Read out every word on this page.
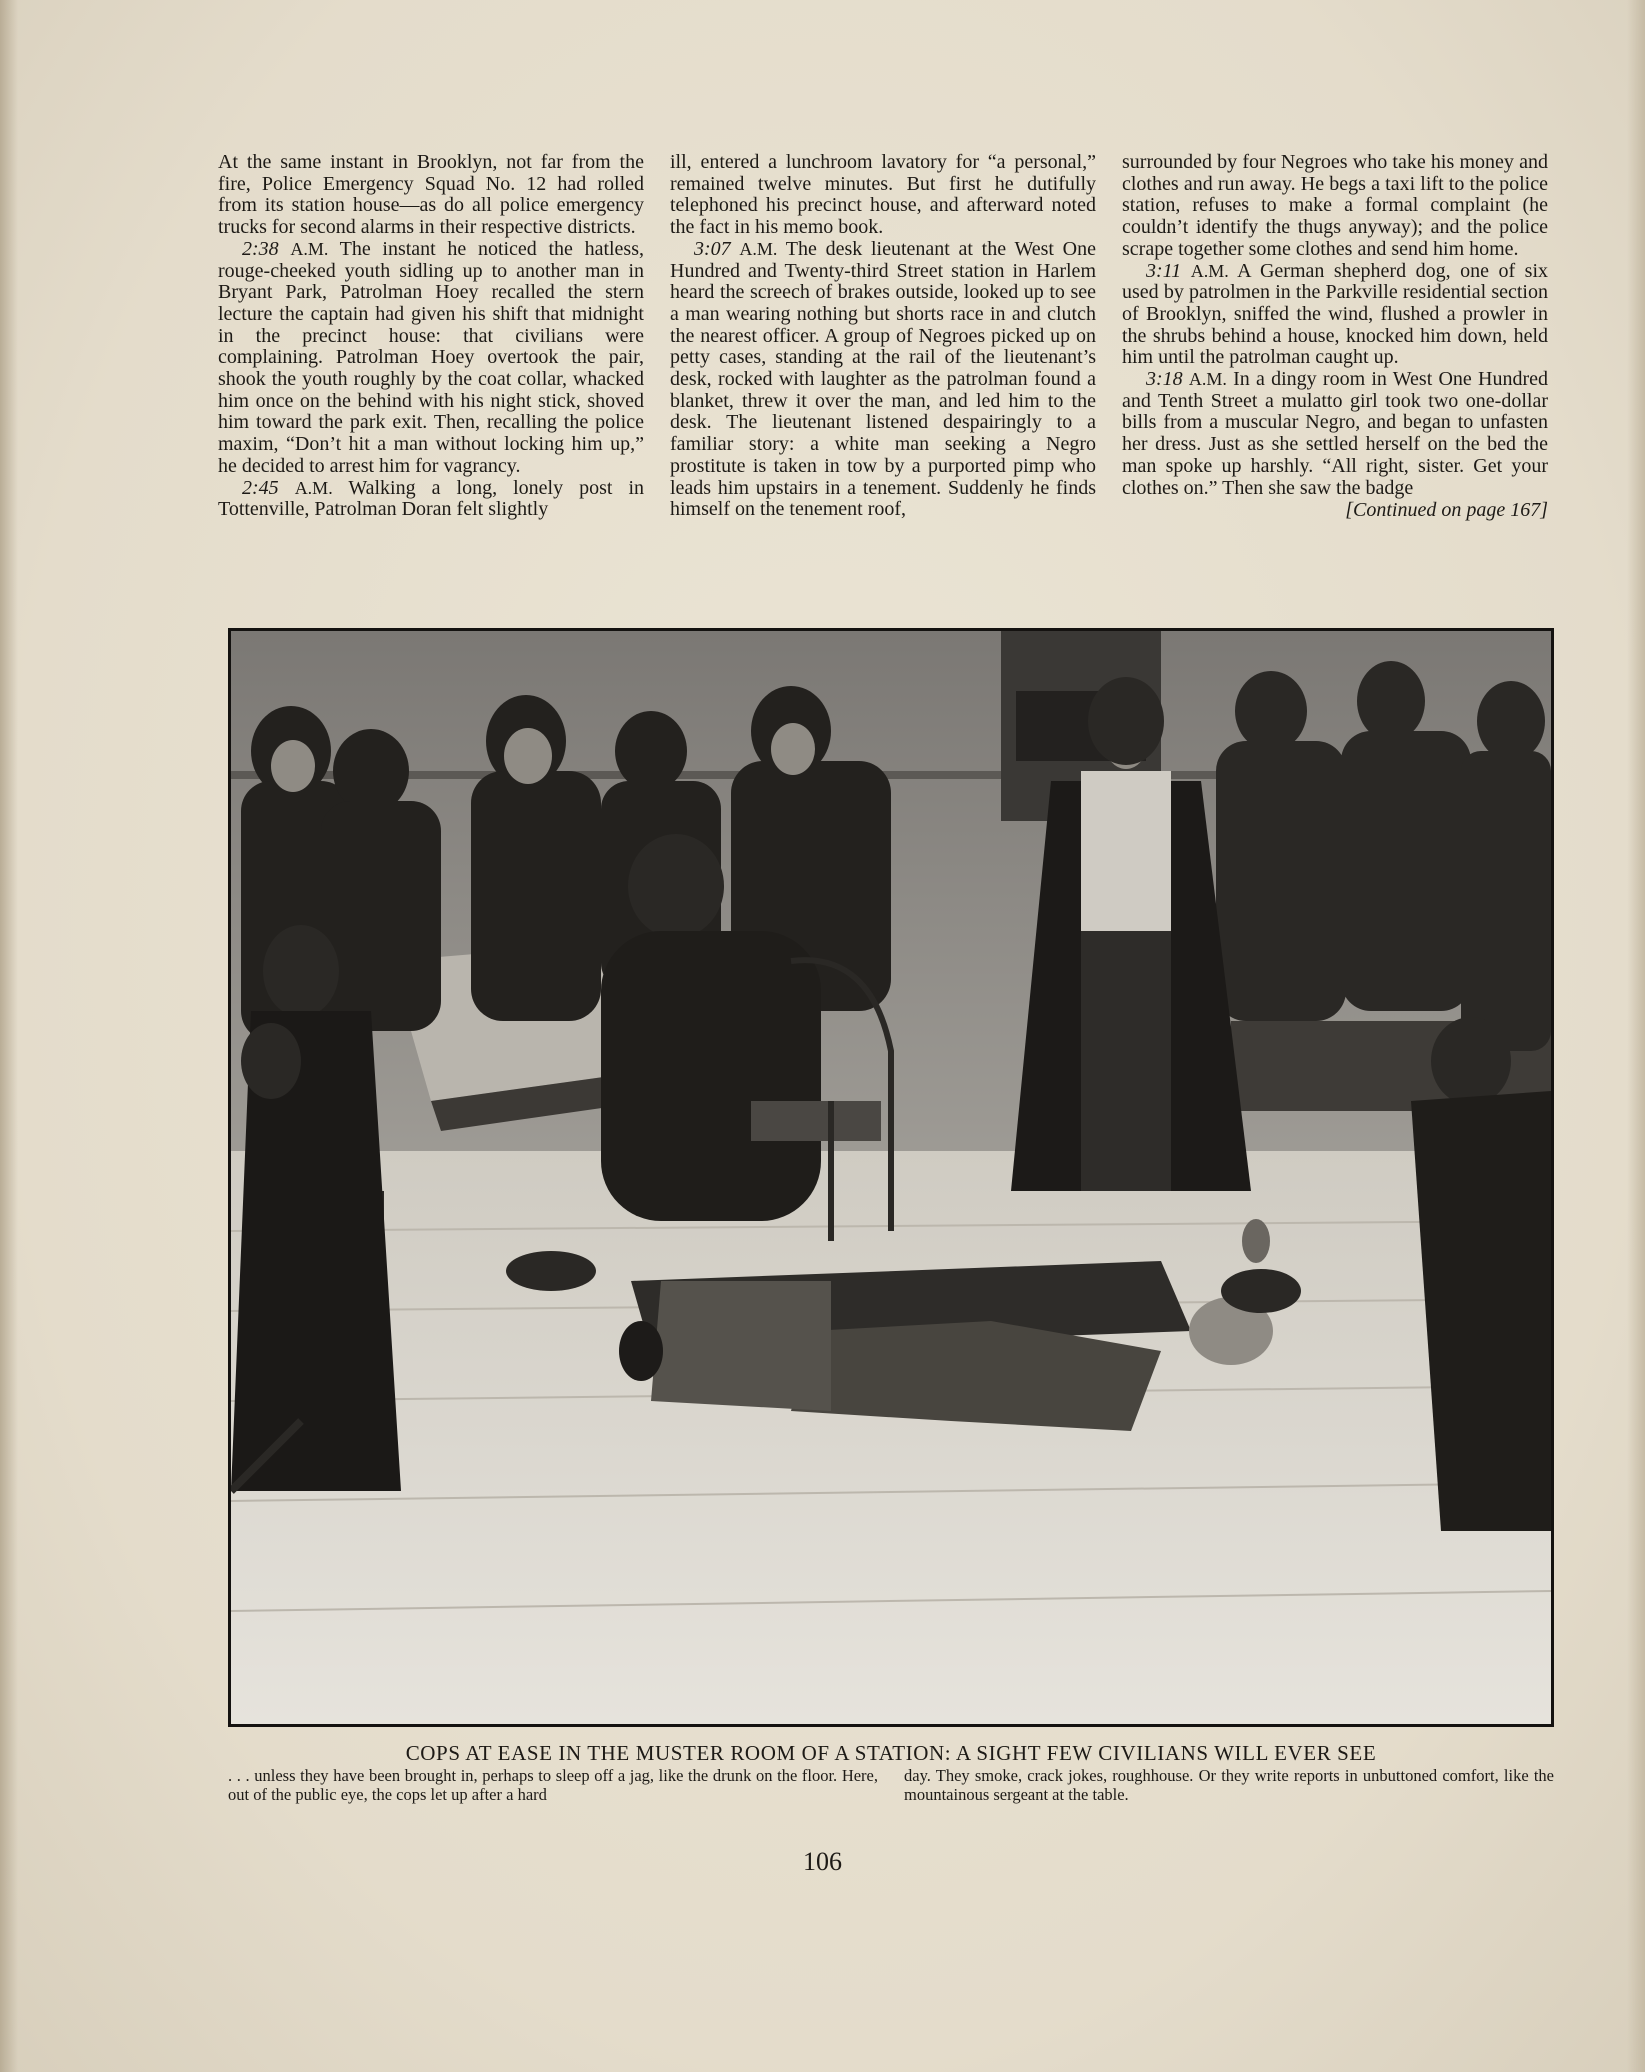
At the same instant in Brooklyn, not far from the fire, Police Emergency Squad No. 12 had rolled from its station house—as do all police emergency trucks for second alarms in their respective districts.

2:38 A.M. The instant he noticed the hatless, rouge-cheeked youth sidling up to another man in Bryant Park, Patrolman Hoey recalled the stern lecture the captain had given his shift that midnight in the precinct house: that civilians were complaining. Patrolman Hoey overtook the pair, shook the youth roughly by the coat collar, whacked him once on the behind with his night stick, shoved him toward the park exit. Then, recalling the police maxim, “Don’t hit a man without locking him up,” he decided to arrest him for vagrancy.

2:45 A.M. Walking a long, lonely post in Tottenville, Patrolman Doran felt slightly

ill, entered a lunchroom lavatory for “a personal,” remained twelve minutes. But first he dutifully telephoned his precinct house, and afterward noted the fact in his memo book.

3:07 A.M. The desk lieutenant at the West One Hundred and Twenty-third Street station in Harlem heard the screech of brakes outside, looked up to see a man wearing nothing but shorts race in and clutch the nearest officer. A group of Negroes picked up on petty cases, standing at the rail of the lieutenant’s desk, rocked with laughter as the patrolman found a blanket, threw it over the man, and led him to the desk. The lieutenant listened despairingly to a familiar story: a white man seeking a Negro prostitute is taken in tow by a purported pimp who leads him upstairs in a tenement. Suddenly he finds himself on the tenement roof,

surrounded by four Negroes who take his money and clothes and run away. He begs a taxi lift to the police station, refuses to make a formal complaint (he couldn’t identify the thugs anyway); and the police scrape together some clothes and send him home.

3:11 A.M. A German shepherd dog, one of six used by patrolmen in the Parkville residential section of Brooklyn, sniffed the wind, flushed a prowler in the shrubs behind a house, knocked him down, held him until the patrolman caught up.

3:18 A.M. In a dingy room in West One Hundred and Tenth Street a mulatto girl took two one-dollar bills from a muscular Negro, and began to unfasten her dress. Just as she settled herself on the bed the man spoke up harshly. “All right, sister. Get your clothes on.” Then she saw the badge

[Continued on page 167]
COPS AT EASE IN THE MUSTER ROOM OF A STATION: A SIGHT FEW CIVILIANS WILL EVER SEE
. . . unless they have been brought in, perhaps to sleep off a jag, like the drunk on the floor. Here, out of the public eye, the cops let up after a hard
day. They smoke, crack jokes, roughhouse. Or they write reports in unbuttoned comfort, like the mountainous sergeant at the table.
106
